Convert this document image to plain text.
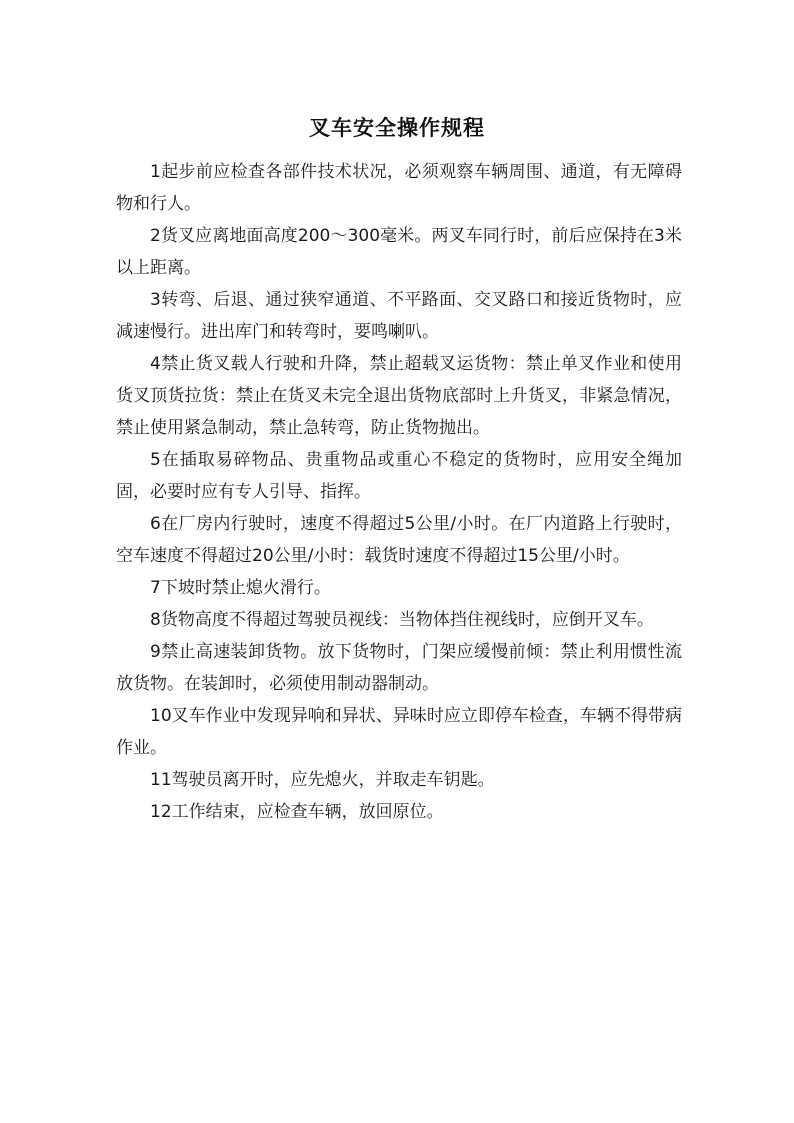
叉车安全操作规程

1起步前应检查各部件技术状况，必须观察车辆周围、通道，有无障碍物和行人。

2货叉应离地面高度200～300毫米。两叉车同行时，前后应保持在3米以上距离。

3转弯、后退、通过狭窄通道、不平路面、交叉路口和接近货物时，应减速慢行。进出库门和转弯时，要鸣喇叭。

4禁止货叉载人行驶和升降，禁止超载叉运货物：禁止单叉作业和使用货叉顶货拉货：禁止在货叉未完全退出货物底部时上升货叉，非紧急情况，禁止使用紧急制动，禁止急转弯，防止货物抛出。

5在插取易碎物品、贵重物品或重心不稳定的货物时，应用安全绳加固，必要时应有专人引导、指挥。

6在厂房内行驶时，速度不得超过5公里/小时。在厂内道路上行驶时，空车速度不得超过20公里/小时：载货时速度不得超过15公里/小时。

7下坡时禁止熄火滑行。

8货物高度不得超过驾驶员视线：当物体挡住视线时，应倒开叉车。

9禁止高速装卸货物。放下货物时，门架应缓慢前倾：禁止利用惯性流放货物。在装卸时，必须使用制动器制动。

10叉车作业中发现异响和异状、异味时应立即停车检查，车辆不得带病作业。

11驾驶员离开时，应先熄火，并取走车钥匙。

12工作结束，应检查车辆，放回原位。
